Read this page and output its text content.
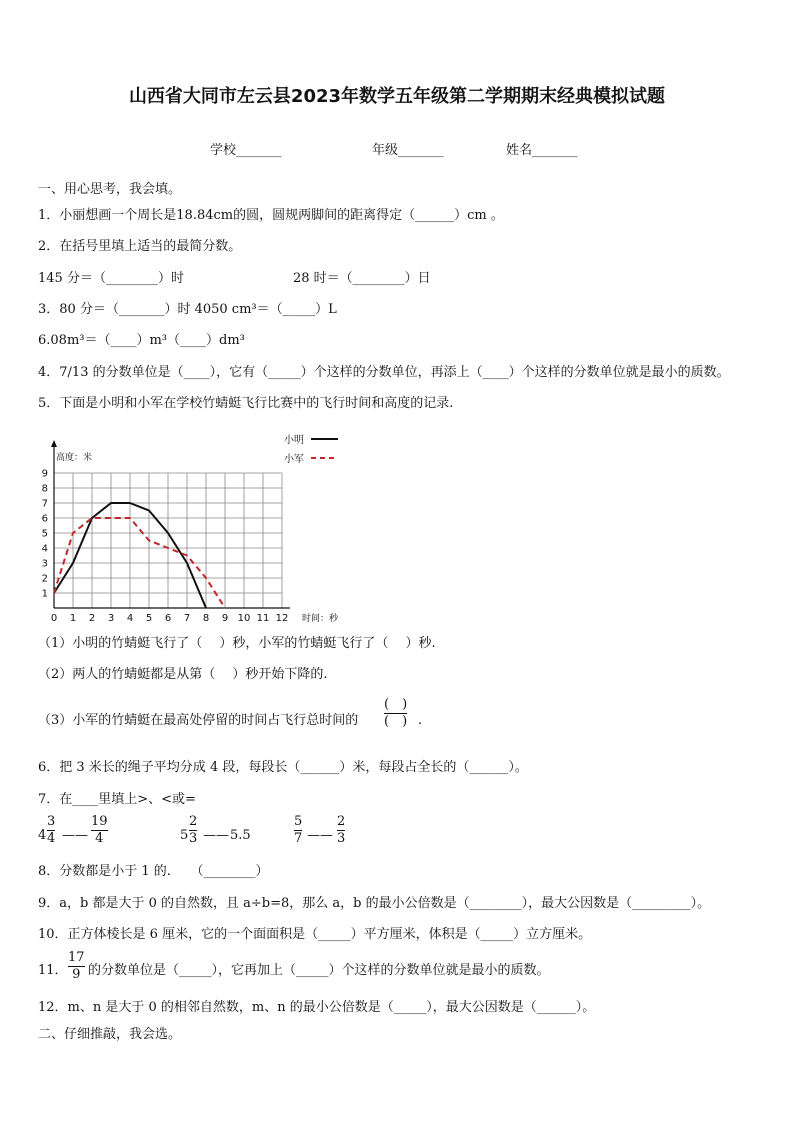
山西省大同市左云县2023年数学五年级第二学期期末经典模拟试题
学校_______	年级_______	姓名_______
一、用心思考，我会填。
1．小丽想画一个周长是18.84cm的圆，圆规两脚间的距离得定（______）cm 。
2．在括号里填上适当的最简分数。
145 分＝（________）时	28 时＝（________）日
3．80 分＝（_______）时 4050 cm³＝（_____）L
6.08m³＝（____）m³（____）dm³
4．7/13 的分数单位是（____），它有（_____）个这样的分数单位，再添上（____）个这样的分数单位就是最小的质数。
5．下面是小明和小军在学校竹蜻蜓飞行比赛中的飞行时间和高度的记录.
0 1 2 3 4 5 6 7 8 9 10 11 12
1
2
3
4
5
6
7
8
9
高度：米
时间：秒
小明
小军
（1）小明的竹蜻蜓飞行了（　 ）秒，小军的竹蜻蜓飞行了（　 ）秒.
（2）两人的竹蜻蜓都是从第（　 ）秒开始下降的.
（3）小军的竹蜻蜓在最高处停留的时间占飞行总时间的
(　)
(　) .
6．把 3 米长的绳子平均分成 4 段，每段长（______）米，每段占全长的（______）。
7．在____里填上>、<或=
4
3
4 ——
19
4	5
2
3 —— 5.5
5
7 ——
2
3
8．分数都是小于 1 的.　　（________）
9．a，b 都是大于 0 的自然数，且 a÷b=8，那么 a，b 的最小公倍数是（________），最大公因数是（_________）。
10．正方体棱长是 6 厘米，它的一个面面积是（_____）平方厘米，体积是（_____）立方厘米。
11．
17
9 的分数单位是（_____），它再加上（_____）个这样的分数单位就是最小的质数。
12．m、n 是大于 0 的相邻自然数，m、n 的最小公倍数是（_____），最大公因数是（______）。
二、仔细推敲，我会选。
